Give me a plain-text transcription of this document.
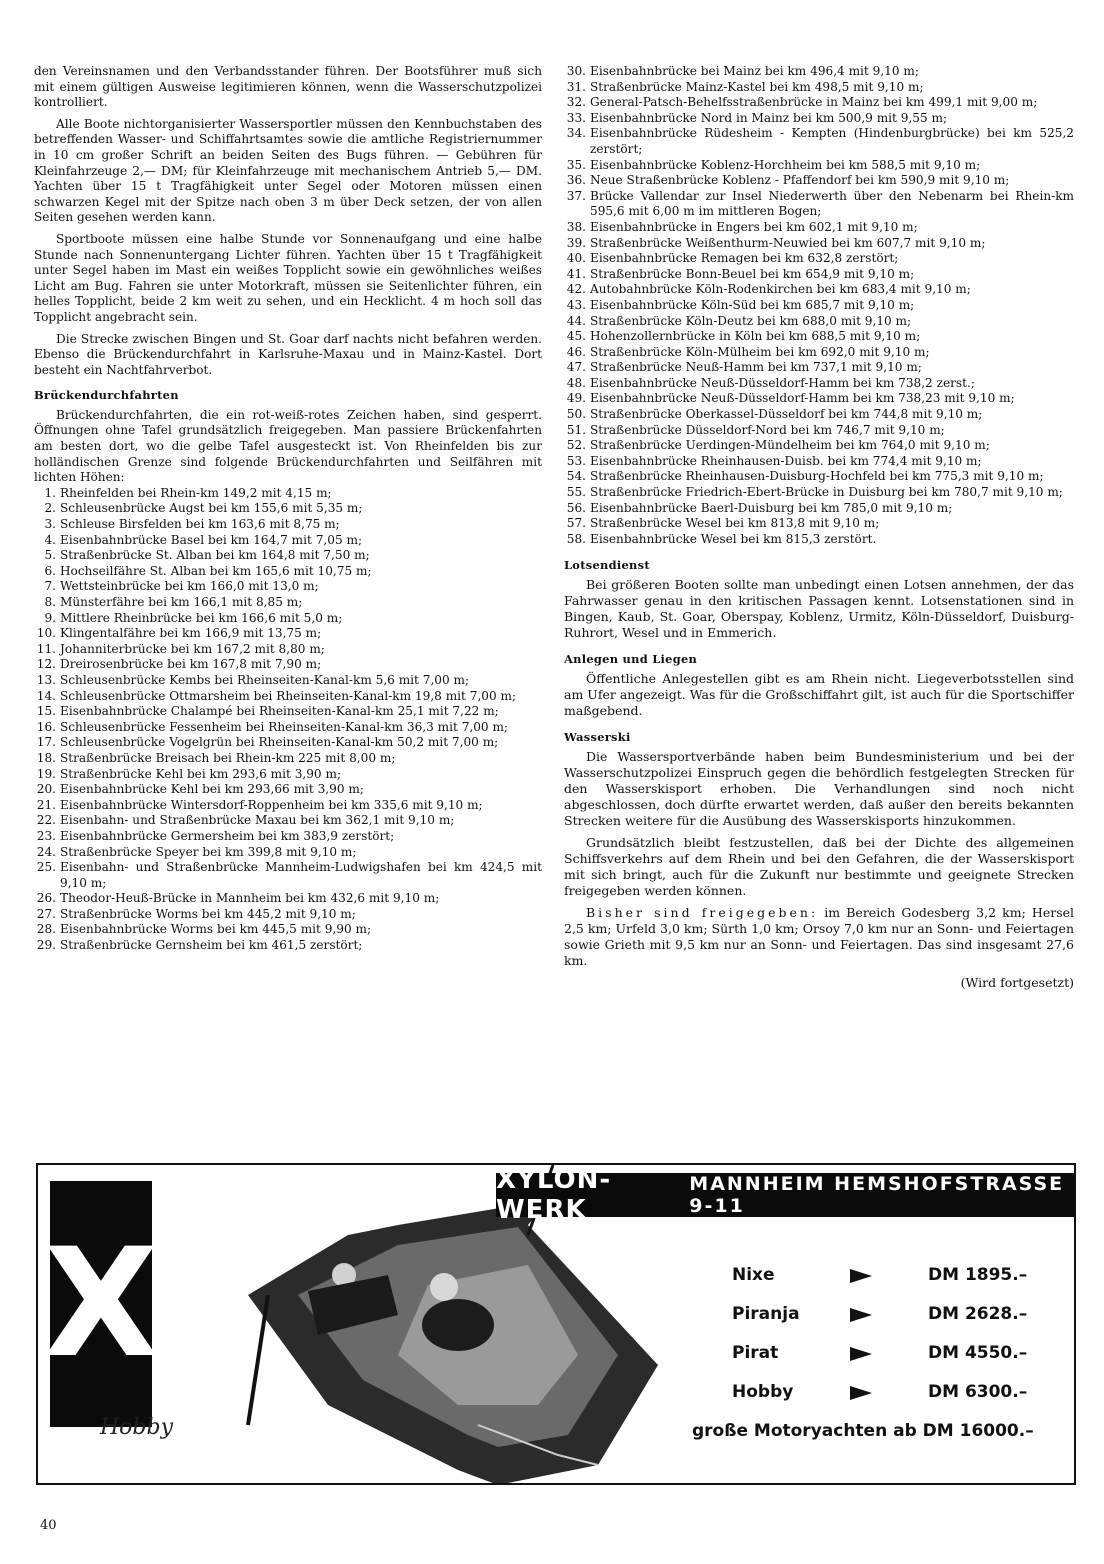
den Vereinsnamen und den Verbandsstander führen. Der Bootsführer muß sich mit einem gültigen Ausweise legitimieren können, wenn die Wasserschutzpolizei kontrolliert.

Alle Boote nichtorganisierter Wassersportler müssen den Kennbuchstaben des betreffenden Wasser- und Schiffahrtsamtes sowie die amtliche Registriernummer in 10 cm großer Schrift an beiden Seiten des Bugs führen. — Gebühren für Kleinfahrzeuge 2,— DM; für Kleinfahrzeuge mit mechanischem Antrieb 5,— DM. Yachten über 15 t Tragfähigkeit unter Segel oder Motoren müssen einen schwarzen Kegel mit der Spitze nach oben 3 m über Deck setzen, der von allen Seiten gesehen werden kann.

Sportboote müssen eine halbe Stunde vor Sonnenaufgang und eine halbe Stunde nach Sonnenuntergang Lichter führen. Yachten über 15 t Tragfähigkeit unter Segel haben im Mast ein weißes Topplicht sowie ein gewöhnliches weißes Licht am Bug. Fahren sie unter Motorkraft, müssen sie Seitenlichter führen, ein helles Topplicht, beide 2 km weit zu sehen, und ein Hecklicht. 4 m hoch soll das Topplicht angebracht sein.

Die Strecke zwischen Bingen und St. Goar darf nachts nicht befahren werden. Ebenso die Brückendurchfahrt in Karlsruhe-Maxau und in Mainz-Kastel. Dort besteht ein Nachtfahrverbot.

Brückendurchfahrten

Brückendurchfahrten, die ein rot-weiß-rotes Zeichen haben, sind gesperrt. Öffnungen ohne Tafel grundsätzlich freigegeben. Man passiere Brückenfahrten am besten dort, wo die gelbe Tafel ausgesteckt ist. Von Rheinfelden bis zur holländischen Grenze sind folgende Brückendurchfahrten und Seilfähren mit lichten Höhen:

1. Rheinfelden bei Rhein-km 149,2 mit 4,15 m;
2. Schleusenbrücke Augst bei km 155,6 mit 5,35 m;
3. Schleuse Birsfelden bei km 163,6 mit 8,75 m;
4. Eisenbahnbrücke Basel bei km 164,7 mit 7,05 m;
5. Straßenbrücke St. Alban bei km 164,8 mit 7,50 m;
6. Hochseilfähre St. Alban bei km 165,6 mit 10,75 m;
7. Wettsteinbrücke bei km 166,0 mit 13,0 m;
8. Münsterfähre bei km 166,1 mit 8,85 m;
9. Mittlere Rheinbrücke bei km 166,6 mit 5,0 m;
10. Klingentalfähre bei km 166,9 mit 13,75 m;
11. Johanniterbrücke bei km 167,2 mit 8,80 m;
12. Dreirosenbrücke bei km 167,8 mit 7,90 m;
13. Schleusenbrücke Kembs bei Rheinseiten-Kanal-km 5,6 mit 7,00 m;
14. Schleusenbrücke Ottmarsheim bei Rheinseiten-Kanal-km 19,8 mit 7,00 m;
15. Eisenbahnbrücke Chalampé bei Rheinseiten-Kanal-km 25,1 mit 7,22 m;
16. Schleusenbrücke Fessenheim bei Rheinseiten-Kanal-km 36,3 mit 7,00 m;
17. Schleusenbrücke Vogelgrün bei Rheinseiten-Kanal-km 50,2 mit 7,00 m;
18. Straßenbrücke Breisach bei Rhein-km 225 mit 8,00 m;
19. Straßenbrücke Kehl bei km 293,6 mit 3,90 m;
20. Eisenbahnbrücke Kehl bei km 293,66 mit 3,90 m;
21. Eisenbahnbrücke Wintersdorf-Roppenheim bei km 335,6 mit 9,10 m;
22. Eisenbahn- und Straßenbrücke Maxau bei km 362,1 mit 9,10 m;
23. Eisenbahnbrücke Germersheim bei km 383,9 zerstört;
24. Straßenbrücke Speyer bei km 399,8 mit 9,10 m;
25. Eisenbahn- und Straßenbrücke Mannheim-Ludwigshafen bei km 424,5 mit 9,10 m;
26. Theodor-Heuß-Brücke in Mannheim bei km 432,6 mit 9,10 m;
27. Straßenbrücke Worms bei km 445,2 mit 9,10 m;
28. Eisenbahnbrücke Worms bei km 445,5 mit 9,90 m;
29. Straßenbrücke Gernsheim bei km 461,5 zerstört;
30. Eisenbahnbrücke bei Mainz bei km 496,4 mit 9,10 m;
31. Straßenbrücke Mainz-Kastel bei km 498,5 mit 9,10 m;
32. General-Patsch-Behelfsstraßenbrücke in Mainz bei km 499,1 mit 9,00 m;
33. Eisenbahnbrücke Nord in Mainz bei km 500,9 mit 9,55 m;
34. Eisenbahnbrücke Rüdesheim - Kempten (Hindenburgbrücke) bei km 525,2 zerstört;
35. Eisenbahnbrücke Koblenz-Horchheim bei km 588,5 mit 9,10 m;
36. Neue Straßenbrücke Koblenz - Pfaffendorf bei km 590,9 mit 9,10 m;
37. Brücke Vallendar zur Insel Niederwerth über den Nebenarm bei Rhein-km 595,6 mit 6,00 m im mittleren Bogen;
38. Eisenbahnbrücke in Engers bei km 602,1 mit 9,10 m;
39. Straßenbrücke Weißenthurm-Neuwied bei km 607,7 mit 9,10 m;
40. Eisenbahnbrücke Remagen bei km 632,8 zerstört;
41. Straßenbrücke Bonn-Beuel bei km 654,9 mit 9,10 m;
42. Autobahnbrücke Köln-Rodenkirchen bei km 683,4 mit 9,10 m;
43. Eisenbahnbrücke Köln-Süd bei km 685,7 mit 9,10 m;
44. Straßenbrücke Köln-Deutz bei km 688,0 mit 9,10 m;
45. Hohenzollernbrücke in Köln bei km 688,5 mit 9,10 m;
46. Straßenbrücke Köln-Mülheim bei km 692,0 mit 9,10 m;
47. Straßenbrücke Neuß-Hamm bei km 737,1 mit 9,10 m;
48. Eisenbahnbrücke Neuß-Düsseldorf-Hamm bei km 738,2 zerst.;
49. Eisenbahnbrücke Neuß-Düsseldorf-Hamm bei km 738,23 mit 9,10 m;
50. Straßenbrücke Oberkassel-Düsseldorf bei km 744,8 mit 9,10 m;
51. Straßenbrücke Düsseldorf-Nord bei km 746,7 mit 9,10 m;
52. Straßenbrücke Uerdingen-Mündelheim bei km 764,0 mit 9,10 m;
53. Eisenbahnbrücke Rheinhausen-Duisb. bei km 774,4 mit 9,10 m;
54. Straßenbrücke Rheinhausen-Duisburg-Hochfeld bei km 775,3 mit 9,10 m;
55. Straßenbrücke Friedrich-Ebert-Brücke in Duisburg bei km 780,7 mit 9,10 m;
56. Eisenbahnbrücke Baerl-Duisburg bei km 785,0 mit 9,10 m;
57. Straßenbrücke Wesel bei km 813,8 mit 9,10 m;
58. Eisenbahnbrücke Wesel bei km 815,3 zerstört.
Lotsendienst

Bei größeren Booten sollte man unbedingt einen Lotsen annehmen, der das Fahrwasser genau in den kritischen Passagen kennt. Lotsenstationen sind in Bingen, Kaub, St. Goar, Oberspay, Koblenz, Urmitz, Köln-Düsseldorf, Duisburg-Ruhrort, Wesel und in Emmerich.

Anlegen und Liegen

Öffentliche Anlegestellen gibt es am Rhein nicht. Liegeverbotsstellen sind am Ufer angezeigt. Was für die Großschiffahrt gilt, ist auch für die Sportschiffer maßgebend.

Wasserski

Die Wassersportverbände haben beim Bundesministerium und bei der Wasserschutzpolizei Einspruch gegen die behördlich festgelegten Strecken für den Wasserskisport erhoben. Die Verhandlungen sind noch nicht abgeschlossen, doch dürfte erwartet werden, daß außer den bereits bekannten Strecken weitere für die Ausübung des Wasserskisports hinzukommen.

Grundsätzlich bleibt festzustellen, daß bei der Dichte des allgemeinen Schiffsverkehrs auf dem Rhein und bei den Gefahren, die der Wasserskisport mit sich bringt, auch für die Zukunft nur bestimmte und geeignete Strecken freigegeben werden können.

Bisher sind freigegeben: im Bereich Godesberg 3,2 km; Hersel 2,5 km; Urfeld 3,0 km; Sürth 1,0 km; Orsoy 7,0 km nur an Sonn- und Feiertagen sowie Grieth mit 9,5 km nur an Sonn- und Feiertagen. Das sind insgesamt 27,6 km.

(Wird fortgesetzt)

X
XYLON-WERK
MANNHEIM HEMSHOFSTRASSE 9-11
Nixe	DM 1895.–
Piranja	DM 2628.–
Pirat	DM 4550.–
Hobby	DM 6300.–
große Motoryachten ab DM 16000.–
Hobby
40
